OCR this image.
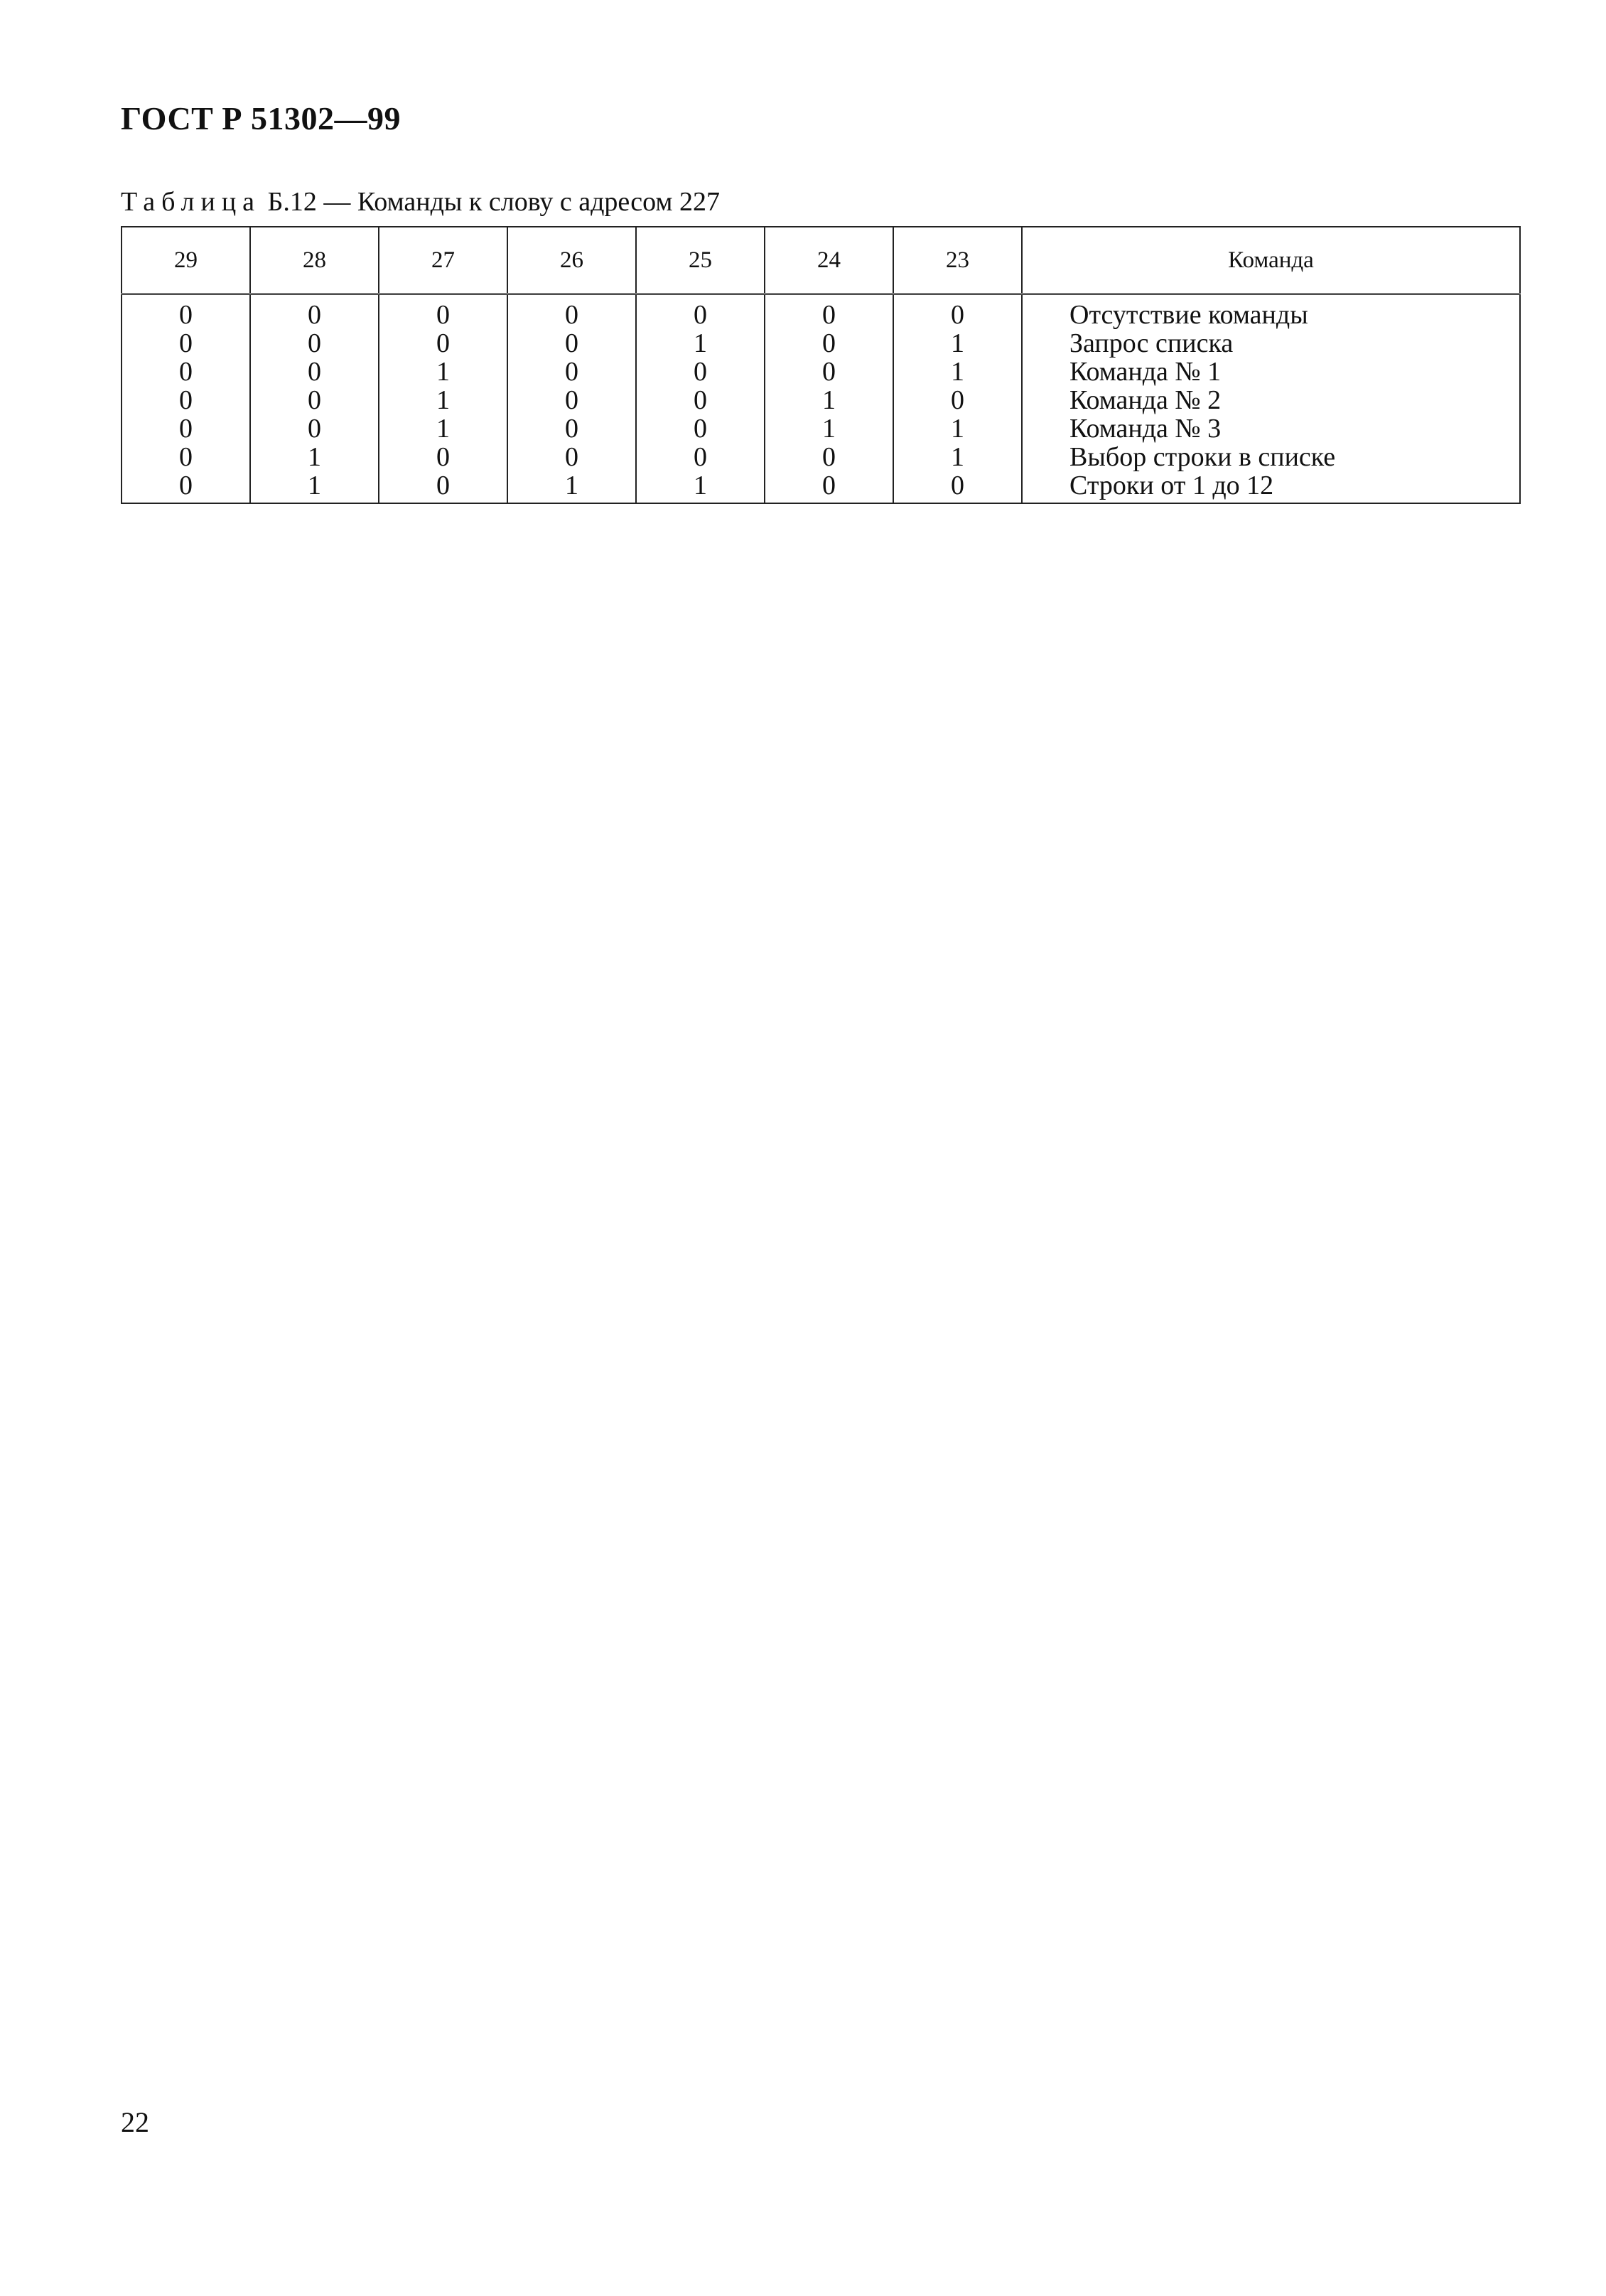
ГОСТ Р 51302—99
Таблица Б.12 — Команды к слову с адресом 227
29	28	27	26	25	24	23	Команда
0	0	0	0	0	0	0	Отсутствие команды
0	0	0	0	1	0	1	Запрос списка
0	0	1	0	0	0	1	Команда № 1
0	0	1	0	0	1	0	Команда № 2
0	0	1	0	0	1	1	Команда № 3
0	1	0	0	0	0	1	Выбор строки в списке
0	1	0	1	1	0	0	Строки от 1 до 12
22
